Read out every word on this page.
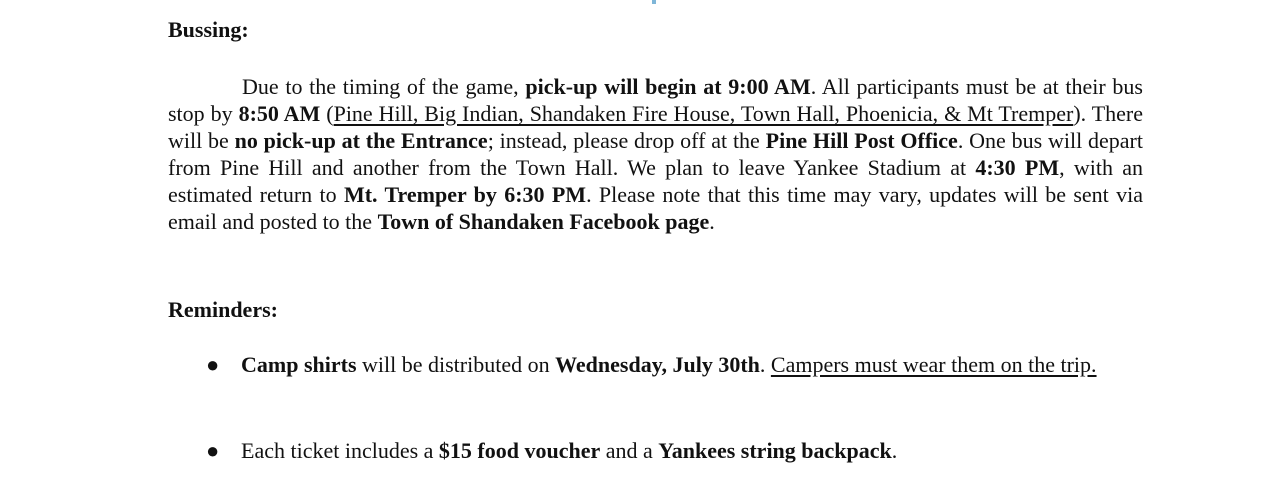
Bussing:
Due to the timing of the game, pick-up will begin at 9:00 AM. All participants must be at their bus stop by 8:50 AM (Pine Hill, Big Indian, Shandaken Fire House, Town Hall, Phoenicia, & Mt Tremper). There will be no pick-up at the Entrance; instead, please drop off at the Pine Hill Post Office. One bus will depart from Pine Hill and another from the Town Hall. We plan to leave Yankee Stadium at 4:30 PM, with an estimated return to Mt. Tremper by 6:30 PM. Please note that this time may vary, updates will be sent via email and posted to the Town of Shandaken Facebook page.
Reminders:
● Camp shirts will be distributed on Wednesday, July 30th. Campers must wear them on the trip.
● Each ticket includes a $15 food voucher and a Yankees string backpack.
